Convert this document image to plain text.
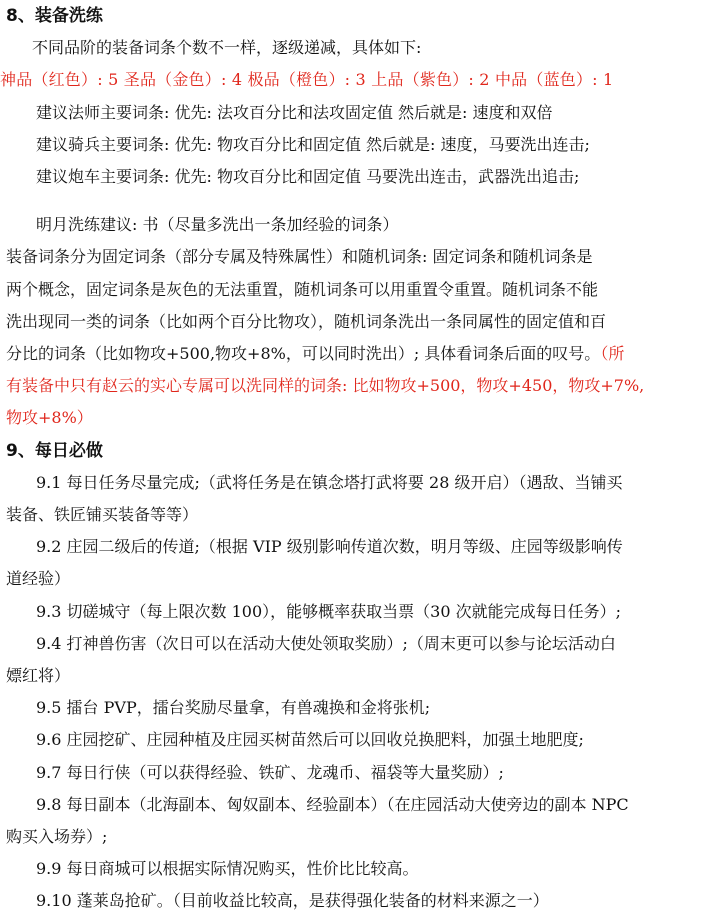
8、装备洗练

不同品阶的装备词条个数不一样，逐级递减，具体如下:

神品（红色）: 5 圣品（金色）: 4 极品（橙色）: 3 上品（紫色）: 2 中品（蓝色）: 1

建议法师主要词条: 优先: 法攻百分比和法攻固定值 然后就是: 速度和双倍

建议骑兵主要词条: 优先: 物攻百分比和固定值 然后就是: 速度，马要洗出连击;

建议炮车主要词条: 优先: 物攻百分比和固定值 马要洗出连击，武器洗出追击;

明月洗练建议: 书（尽量多洗出一条加经验的词条）

装备词条分为固定词条（部分专属及特殊属性）和随机词条: 固定词条和随机词条是

两个概念，固定词条是灰色的无法重置，随机词条可以用重置令重置。随机词条不能

洗出现同一类的词条（比如两个百分比物攻），随机词条洗出一条同属性的固定值和百

分比的词条（比如物攻+500,物攻+8%，可以同时洗出）; 具体看词条后面的叹号。（所

有装备中只有赵云的实心专属可以洗同样的词条: 比如物攻+500，物攻+450，物攻+7%,

物攻+8%）

9、每日必做

9.1 每日任务尽量完成;（武将任务是在镇念塔打武将要 28 级开启）（遇敌、当铺买

装备、铁匠铺买装备等等）

9.2 庄园二级后的传道;（根据 VIP 级别影响传道次数，明月等级、庄园等级影响传

道经验）

9.3 切磋城守（每上限次数 100），能够概率获取当票（30 次就能完成每日任务）;

9.4 打神兽伤害（次日可以在活动大使处领取奖励）;（周末更可以参与论坛活动白

嫖红将）

9.5 擂台 PVP，擂台奖励尽量拿，有兽魂换和金将张机;

9.6 庄园挖矿、庄园种植及庄园买树苗然后可以回收兑换肥料，加强土地肥度;

9.7 每日行侠（可以获得经验、铁矿、龙魂币、福袋等大量奖励）;

9.8 每日副本（北海副本、匈奴副本、经验副本）（在庄园活动大使旁边的副本 NPC

购买入场券）;

9.9 每日商城可以根据实际情况购买，性价比比较高。

9.10 蓬莱岛抢矿。（目前收益比较高，是获得强化装备的材料来源之一）
